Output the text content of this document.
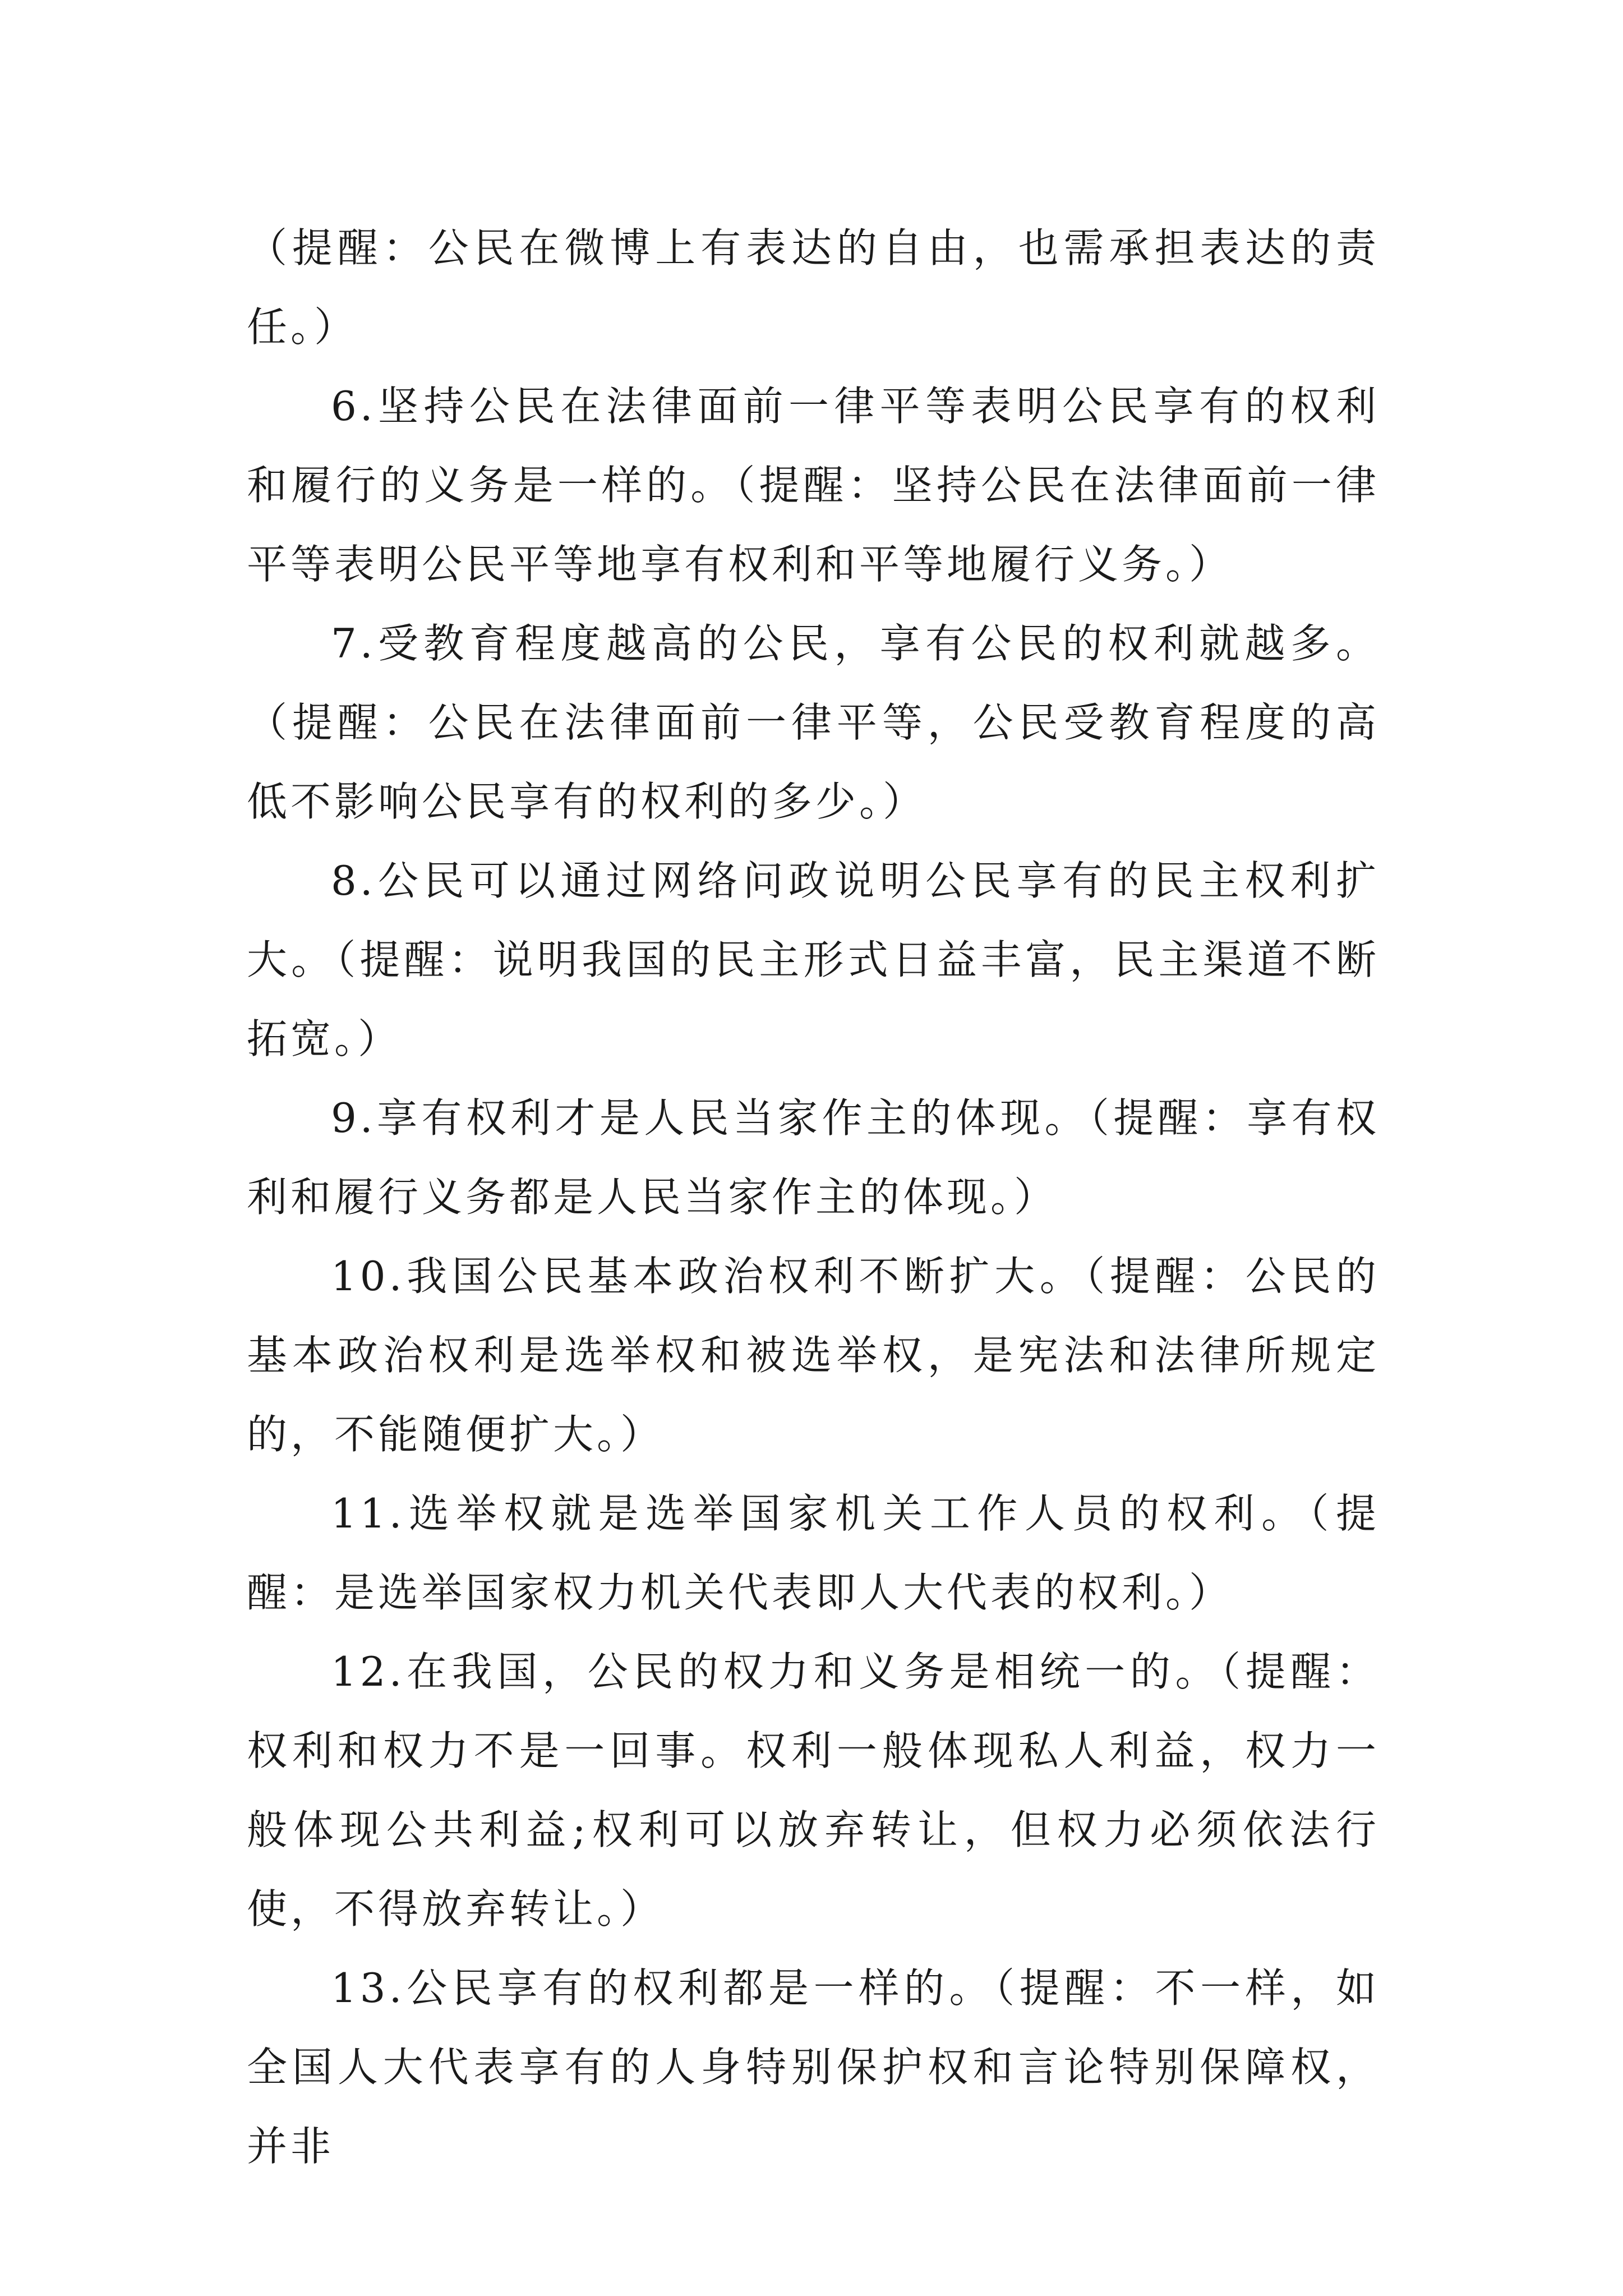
（提醒：公民在微博上有表达的自由，也需承担表达的责任。）

6.坚持公民在法律面前一律平等表明公民享有的权利和履行的义务是一样的。（提醒：坚持公民在法律面前一律平等表明公民平等地享有权利和平等地履行义务。）

7.受教育程度越高的公民，享有公民的权利就越多。（提醒：公民在法律面前一律平等，公民受教育程度的高低不影响公民享有的权利的多少。）

8.公民可以通过网络问政说明公民享有的民主权利扩大。（提醒：说明我国的民主形式日益丰富，民主渠道不断拓宽。）

9.享有权利才是人民当家作主的体现。（提醒：享有权利和履行义务都是人民当家作主的体现。）

10.我国公民基本政治权利不断扩大。（提醒：公民的基本政治权利是选举权和被选举权，是宪法和法律所规定的，不能随便扩大。）

11.选举权就是选举国家机关工作人员的权利。（提醒：是选举国家权力机关代表即人大代表的权利。）

12.在我国，公民的权力和义务是相统一的。（提醒：权利和权力不是一回事。权利一般体现私人利益，权力一般体现公共利益;权利可以放弃转让，但权力必须依法行使，不得放弃转让。）

13.公民享有的权利都是一样的。（提醒：不一样，如全国人大代表享有的人身特别保护权和言论特别保障权，并非
